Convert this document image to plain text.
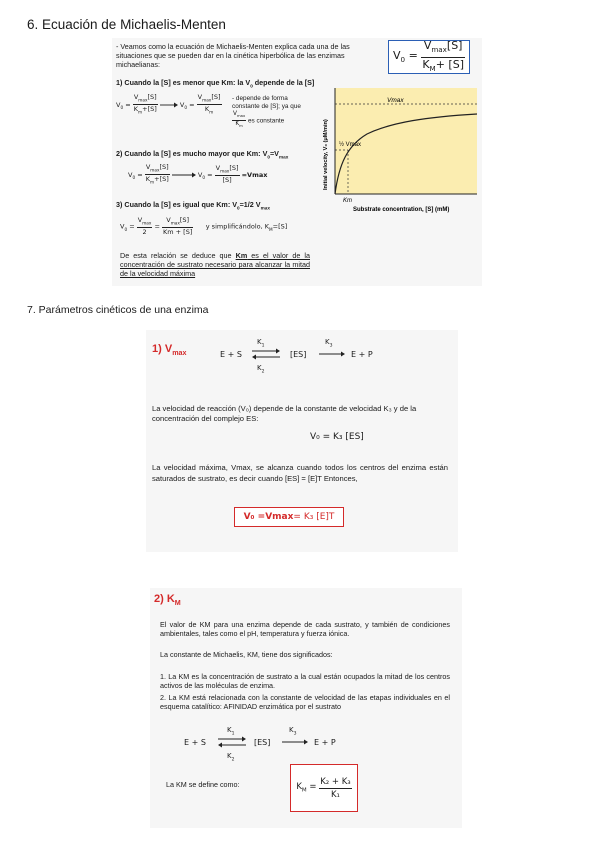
6. Ecuación de Michaelis-Menten
- Veamos como la ecuación de Michaelis-Menten explica cada una de las situaciones que se pueden dar en la cinética hiperbólica de las enzimas michaelianas:
$V_0 = \frac{V_{max}[S]}{K_M+ [S]}$
1) Cuando la [S] es menor que Km: la $V_0$ depende de la [S]
$V_0 = \frac{V_{max}[S]}{K_m+[S]}$	$V_0 = \frac{V_{max}[S]}{K_m}$ - depende de forma constante de [S]; ya que
$\frac{V_{max}}{K_m}$ es constante
2) Cuando la [S] es mucho mayor que Km: $V_0=V_{max}$
$V_0 = \frac{V_{max}[S]}{K_m+[S]}$	$V_0 = \frac{V_{max}[S]}{[S]} =Vmax$
3) Cuando la [S] es igual que Km: $V_0=1/2$ $V_{max}$
$V_0 = \frac{V_{max}}{2} = \frac{V_{max}[S]}{Km + [S]}$ y simplificándolo, $K_M=[S]$
De esta relación se deduce que Km es el valor de la concentración de sustrato necesario para alcanzar la mitad de la velocidad máxima
Vmax
½ Vmax
Km
Substrate concentration, [S] (mM)
Initial velocity, V₀ (μM/min)
7. Parámetros cinéticos de una enzima
1) $V_{max}$	E + S
$K_1$
$K_2$
[ES]
$K_3$
E + P
La velocidad de reacción (V₀) depende de la constante de velocidad K₃ y de la concentración del complejo ES:
V₀ = K₃ [ES]
La velocidad máxima, Vmax, se alcanza cuando todos los centros del enzima están saturados de sustrato, es decir cuando [ES] = [E]T Entonces,
V₀ = Vmax = K₃ [E]T
2) $K_M$
El valor de KM para una enzima depende de cada sustrato, y también de condiciones ambientales, tales como el pH, temperatura y fuerza iónica.
La constante de Michaelis, KM, tiene dos significados:
1. La KM es la concentración de sustrato a la cual están ocupados la mitad de los centros activos de las moléculas de enzima.
2. La KM está relacionada con la constante de velocidad de las etapas individuales en el esquema catalítico: AFINIDAD enzimática por el sustrato
E + S
$K_1$
$K_2$
[ES]
$K_3$
E + P
La KM se define como:	$K_M = \frac{\text{K₂ + K₃}}{\text{K₁}}$
